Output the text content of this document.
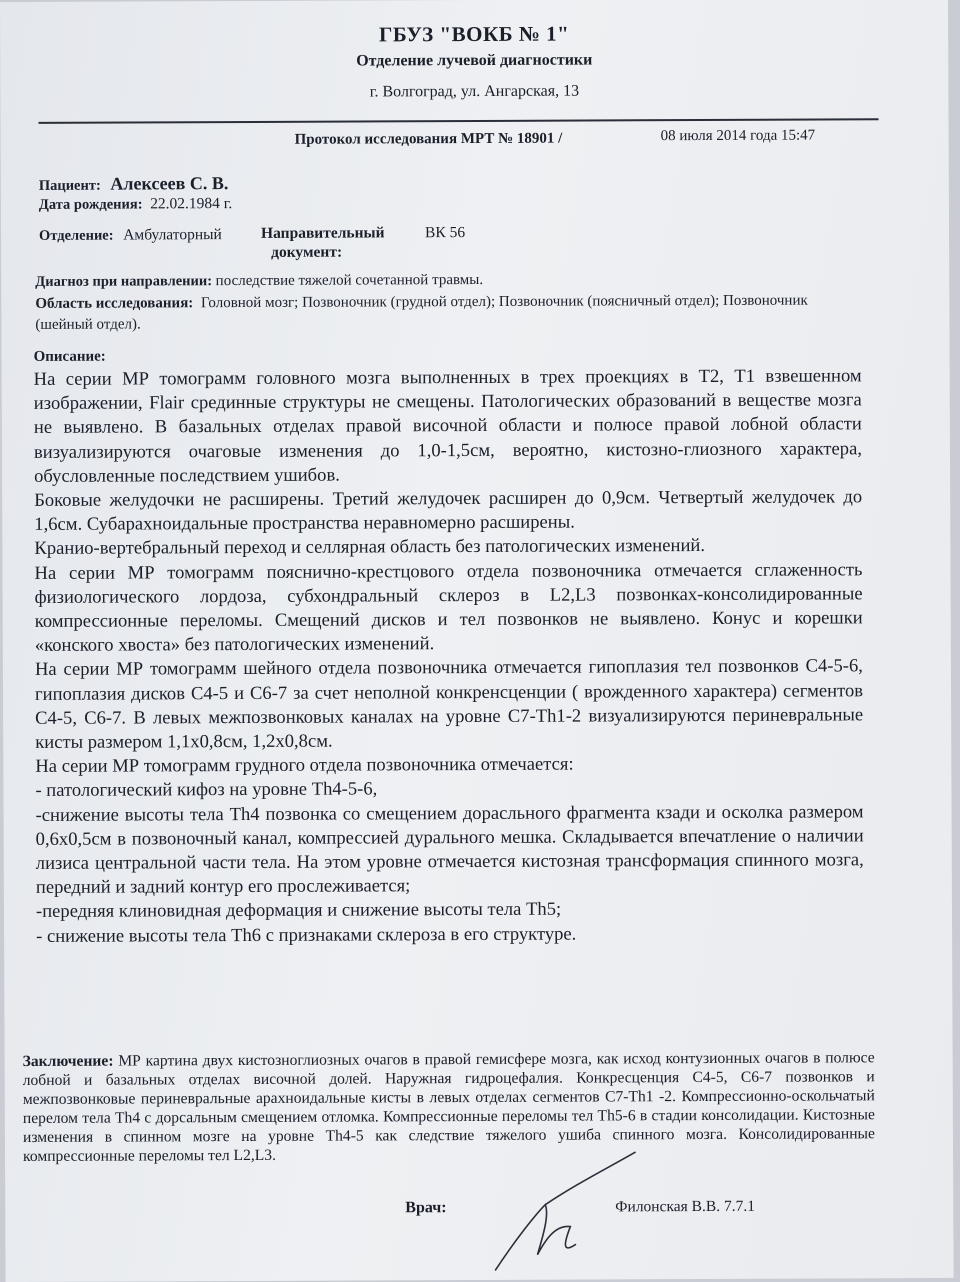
ГБУЗ "ВОКБ № 1"
Отделение лучевой диагностики
г. Волгоград, ул. Ангарская, 13
Протокол исследования МРТ № 18901 /	08 июля 2014 года 15:47
Пациент: Алексеев С. В.
Дата рождения: 22.02.1984 г.
Отделение: Амбулаторный	Направительный
документ:
ВК 56
Диагноз при направлении: последствие тяжелой сочетанной травмы.
Область исследования: Головной мозг; Позвоночник (грудной отдел); Позвоночник (поясничный отдел); Позвоночник (шейный отдел).
Описание:

На серии МР томограмм головного мозга выполненных в трех проекциях в Т2, Т1 взвешенном изображении, Flair срединные структуры не смещены. Патологических образований в веществе мозга не выявлено. В базальных отделах правой височной области и полюсе правой лобной области визуализируются очаговые изменения до 1,0-1,5см, вероятно, кистозно-глиозного характера, обусловленные последствием ушибов.

Боковые желудочки не расширены. Третий желудочек расширен до 0,9см. Четвертый желудочек до 1,6см. Субарахноидальные пространства неравномерно расширены.

Кранио-вертебральный переход и селлярная область без патологических изменений.

На серии МР томограмм пояснично-крестцового отдела позвоночника отмечается сглаженность физиологического лордоза, субхондральный склероз в L2,L3 позвонках-консолидированные компрессионные переломы. Смещений дисков и тел позвонков не выявлено. Конус и корешки «конского хвоста» без патологических изменений.

На серии МР томограмм шейного отдела позвоночника отмечается гипоплазия тел позвонков С4-5-6, гипоплазия дисков С4-5 и С6-7 за счет неполной конкренсценции ( врожденного характера) сегментов С4-5, С6-7. В левых межпозвонковых каналах на уровне С7-Th1-2 визуализируются периневральные кисты размером 1,1х0,8см, 1,2х0,8см.

На серии МР томограмм грудного отдела позвоночника отмечается:

- патологический кифоз на уровне Th4-5-6,

-снижение высоты тела Th4 позвонка со смещением дорасльного фрагмента кзади и осколка размером 0,6х0,5см в позвоночный канал, компрессией дурального мешка. Складывается впечатление о наличии лизиса центральной части тела. На этом уровне отмечается кистозная трансформация спинного мозга, передний и задний контур его прослеживается;

-передняя клиновидная деформация и снижение высоты тела Th5;

- снижение высоты тела Th6 с признаками склероза в его структуре.

Заключение: МР картина двух кистозноглиозных очагов в правой гемисфере мозга, как исход контузионных очагов в полюсе лобной и базальных отделах височной долей. Наружная гидроцефалия. Конкресценция С4-5, С6-7 позвонков и межпозвонковые периневральные арахноидальные кисты в левых отделах сегментов С7-Th1 -2. Компрессионно-оскольчатый перелом тела Th4 с дорсальным смещением отломка. Компрессионные переломы тел Th5-6 в стадии консолидации. Кистозные изменения в спинном мозге на уровне Th4-5 как следствие тяжелого ушиба спинного мозга. Консолидированные компрессионные переломы тел L2,L3.
Врач:	Филонская В.В. 7.7.1
